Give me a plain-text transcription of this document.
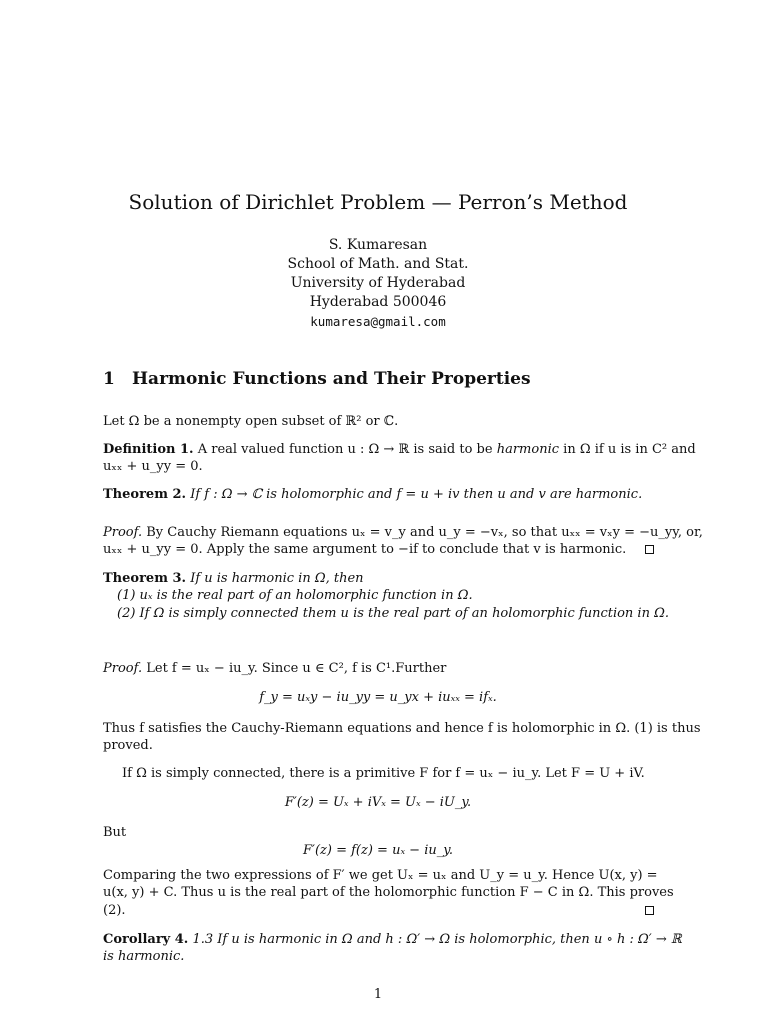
Solution of Dirichlet Problem — Perron’s Method
S. Kumaresan
School of Math. and Stat.
University of Hyderabad
Hyderabad 500046
kumaresa@gmail.com
1 Harmonic Functions and Their Properties
Let Ω be a nonempty open subset of ℝ² or ℂ.
Definition 1. A real valued function u : Ω → ℝ is said to be harmonic in Ω if u is in C² and
uₓₓ + u_yy = 0.
Theorem 2. If f : Ω → ℂ is holomorphic and f = u + iv then u and v are harmonic.
Proof. By Cauchy Riemann equations uₓ = v_y and u_y = −vₓ, so that uₓₓ = vₓy = −u_yy, or,
uₓₓ + u_yy = 0. Apply the same argument to −if to conclude that v is harmonic.
Theorem 3. If u is harmonic in Ω, then
(1) uₓ is the real part of an holomorphic function in Ω.
(2) If Ω is simply connected them u is the real part of an holomorphic function in Ω.
Proof. Let f = uₓ − iu_y. Since u ∈ C², f is C¹.Further
f_y = uₓy − iu_yy = u_yx + iuₓₓ = ifₓ.
Thus f satisfies the Cauchy-Riemann equations and hence f is holomorphic in Ω. (1) is thus
proved.
If Ω is simply connected, there is a primitive F for f = uₓ − iu_y. Let F = U + iV.
F′(z) = Uₓ + iVₓ = Uₓ − iU_y.
But
F′(z) = f(z) = uₓ − iu_y.
Comparing the two expressions of F′ we get Uₓ = uₓ and U_y = u_y. Hence U(x, y) =
u(x, y) + C. Thus u is the real part of the holomorphic function F − C in Ω. This proves
(2).
Corollary 4. 1.3 If u is harmonic in Ω and h : Ω′ → Ω is holomorphic, then u ∘ h : Ω′ → ℝ
is harmonic.
1
